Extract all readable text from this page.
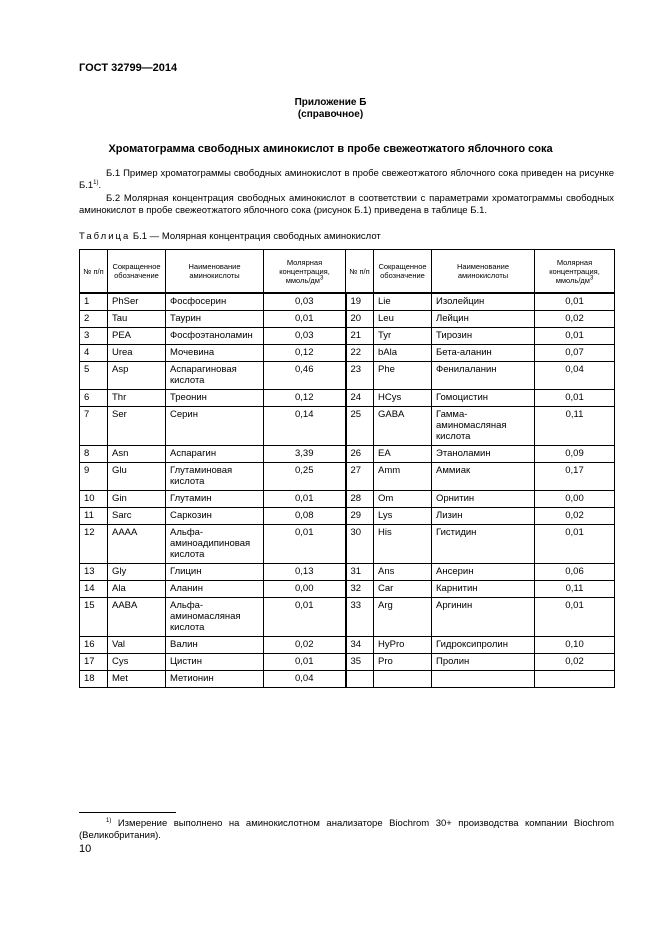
ГОСТ 32799—2014
Приложение Б
(справочное)
Хроматограмма свободных аминокислот в пробе свежеотжатого яблочного сока
Б.1 Пример хроматограммы свободных аминокислот в пробе свежеотжатого яблочного сока приведен на рисунке Б.1$^{1)}$.
Б.2 Молярная концентрация свободных аминокислот в соответствии с параметрами хроматограммы свободных аминокислот в пробе свежеотжатого яблочного сока (рисунок Б.1) приведена в таблице Б.1.
Таблица Б.1 — Молярная концентрация свободных аминокислот
№ п/п	Сокращенное обозначение	Наименование аминокислоты	Молярная концентрация, ммоль/$дм^3$	№ п/п	Сокращенное обозначение	Наименование аминокислоты	Молярная концентрация, ммоль/$дм^3$
1	PhSer	Фосфосерин	0,03	19	Lie	Изолейцин	0,01
2	Tau	Таурин	0,01	20	Leu	Лейцин	0,02
3	PEA	Фосфоэтаноламин	0,03	21	Tyr	Тирозин	0,01
4	Urea	Мочевина	0,12	22	bAla	Бета-аланин	0,07
5	Asp	Аспарагиновая кислота	0,46	23	Phe	Фенилаланин	0,04
6	Thr	Треонин	0,12	24	HCys	Гомоцистин	0,01
7	Ser	Серин	0,14	25	GABA	Гамма-аминомасляная кислота	0,11
8	Asn	Аспарагин	3,39	26	EA	Этаноламин	0,09
9	Glu	Глутаминовая кислота	0,25	27	Amm	Аммиак	0,17
10	Gin	Глутамин	0,01	28	Om	Орнитин	0,00
11	Sarc	Саркозин	0,08	29	Lys	Лизин	0,02
12	AAAA	Альфа-аминоадипиновая кислота	0,01	30	His	Гистидин	0,01
13	Gly	Глицин	0,13	31	Ans	Ансерин	0,06
14	Ala	Аланин	0,00	32	Car	Карнитин	0,11
15	AABA	Альфа-аминомасляная кислота	0,01	33	Arg	Аргинин	0,01
16	Val	Валин	0,02	34	HyPro	Гидроксипролин	0,10
17	Cys	Цистин	0,01	35	Pro	Пролин	0,02
18	Met	Метионин	0,04				
$^{1)}$ Измерение выполнено на аминокислотном анализаторе Biochrom 30+ производства компании Biochrom (Великобритания).
10
